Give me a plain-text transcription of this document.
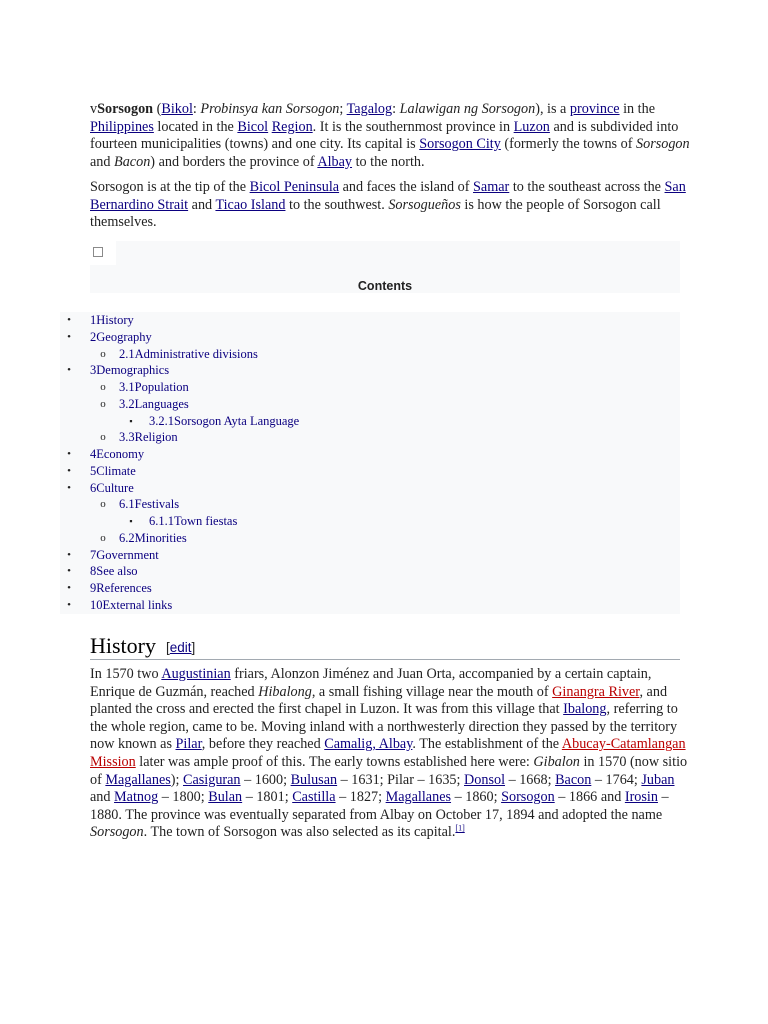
vSorsogon (Bikol: Probinsya kan Sorsogon; Tagalog: Lalawigan ng Sorsogon), is a province in the Philippines located in the Bicol Region. It is the southernmost province in Luzon and is subdivided into fourteen municipalities (towns) and one city. Its capital is Sorsogon City (formerly the towns of Sorsogon and Bacon) and borders the province of Albay to the north.

Sorsogon is at the tip of the Bicol Peninsula and faces the island of Samar to the southeast across the San Bernardino Strait and Ticao Island to the southwest. Sorsogueños is how the people of Sorsogon call themselves.

Contents
•	1History
•	2Geography
o	2.1Administrative divisions
•	3Demographics
o	3.1Population
o	3.2Languages
▪	3.2.1Sorsogon Ayta Language
o	3.3Religion
•	4Economy
•	5Climate
•	6Culture
o	6.1Festivals
▪	6.1.1Town fiestas
o	6.2Minorities
•	7Government
•	8See also
•	9References
•	10External links
History [edit]

In 1570 two Augustinian friars, Alonzon Jiménez and Juan Orta, accompanied by a certain captain, Enrique de Guzmán, reached Hibalong, a small fishing village near the mouth of Ginangra River, and planted the cross and erected the first chapel in Luzon. It was from this village that Ibalong, referring to the whole region, came to be. Moving inland with a northwesterly direction they passed by the territory now known as Pilar, before they reached Camalig, Albay. The establishment of the Abucay-Catamlangan Mission later was ample proof of this. The early towns established here were: Gibalon in 1570 (now sitio of Magallanes); Casiguran – 1600; Bulusan – 1631; Pilar – 1635; Donsol – 1668; Bacon – 1764; Juban and Matnog – 1800; Bulan – 1801; Castilla – 1827; Magallanes – 1860; Sorsogon – 1866 and Irosin – 1880. The province was eventually separated from Albay on October 17, 1894 and adopted the name Sorsogon. The town of Sorsogon was also selected as its capital.[1]
